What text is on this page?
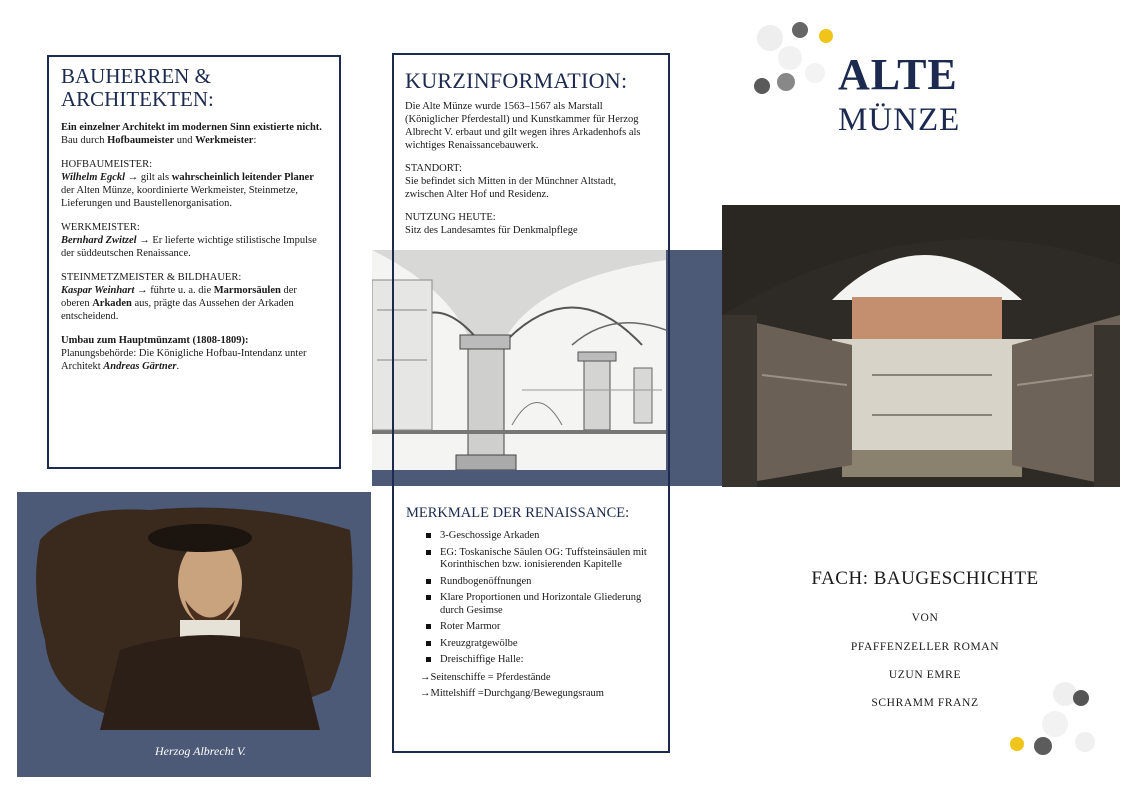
Herzog Albrecht V.
BAUHERREN &
ARCHITEKTEN:

Ein einzelner Architekt im modernen Sinn existierte nicht.
Bau durch Hofbaumeister und Werkmeister:

HOFBAUMEISTER:

Wilhelm Egckl → gilt als wahrscheinlich leitender Planer der Alten Münze, koordinierte Werkmeister, Steinmetze, Lieferungen und Baustellenorganisation.

WERKMEISTER:

Bernhard Zwitzel → Er lieferte wichtige stilistische Impulse der süddeutschen Renaissance.

STEINMETZMEISTER & BILDHAUER:

Kaspar Weinhart → führte u. a. die Marmorsäulen der oberen Arkaden aus, prägte das Aussehen der Arkaden entscheidend.

Umbau zum Hauptmünzamt (1808-1809):

Planungsbehörde: Die Königliche Hofbau-Intendanz unter Architekt Andreas Gärtner.

KURZINFORMATION:

Die Alte Münze wurde 1563–1567 als Marstall (Königlicher Pferdestall) und Kunstkammer für Herzog Albrecht V. erbaut und gilt wegen ihres Arkadenhofs als wichtiges Renaissancebauwerk.

STANDORT:

Sie befindet sich Mitten in der Münchner Altstadt, zwischen Alter Hof und Residenz.

NUTZUNG HEUTE:

Sitz des Landesamtes für Denkmalpflege

MERKMALE DER RENAISSANCE:
3-Geschossige Arkaden
EG: Toskanische Säulen OG: Tuffsteinsäulen mit Korinthischen bzw. ionisierenden Kapitelle
Rundbogenöffnungen
Klare Proportionen und Horizontale Gliederung durch Gesimse
Roter Marmor
Kreuzgratgewölbe
Dreischiffige Halle:

→Seitenschiffe = Pferdestände

→Mittelshiff =Durchgang/Bewegungsraum

ALTE
MÜNZE
FACH: BAUGESCHICHTE
VON
PFAFFENZELLER ROMAN
UZUN EMRE
SCHRAMM FRANZ
